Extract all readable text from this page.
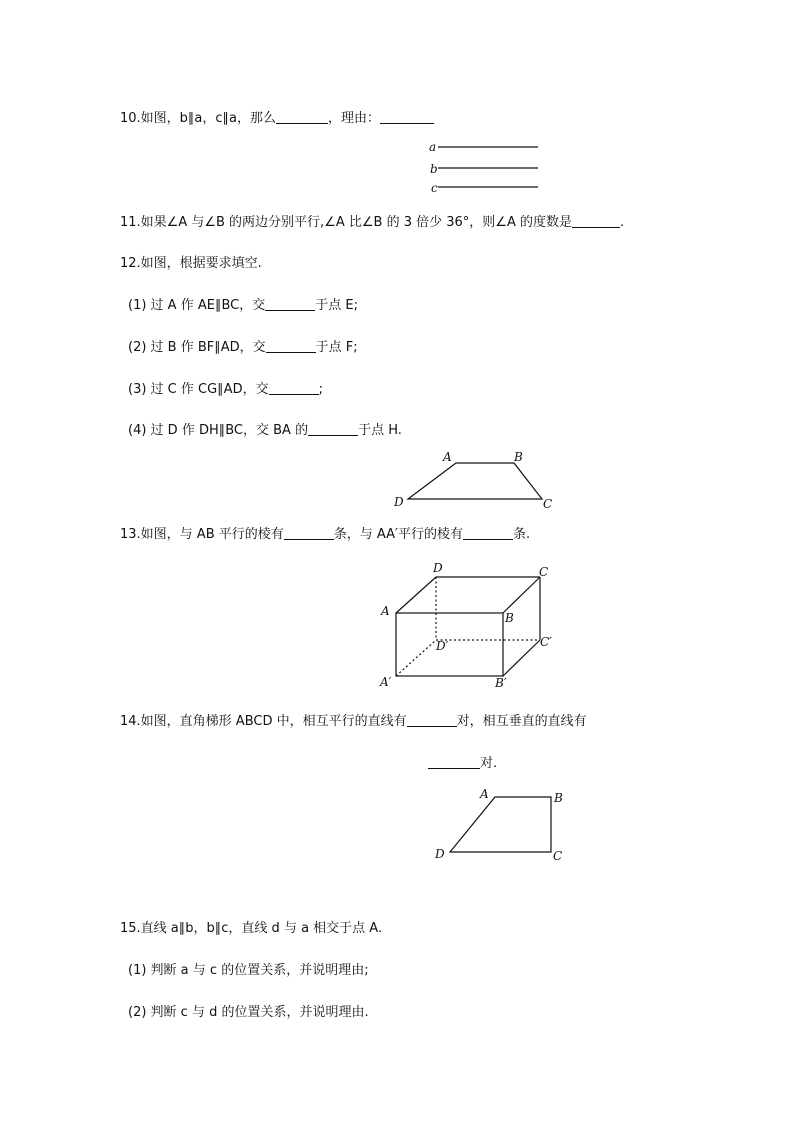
10.如图，b∥a，c∥a，那么	，理由：
a
b
c
11.如果∠A 与∠B 的两边分别平行,∠A 比∠B 的 3 倍少 36°，则∠A 的度数是	.
12.如图，根据要求填空.
(1) 过 A 作 AE∥BC，交	于点 E;
(2) 过 B 作 BF∥AD，交	于点 F;
(3) 过 C 作 CG∥AD，交	;
(4) 过 D 作 DH∥BC，交 BA 的	于点 H.
A	B
C
D
13.如图，与 AB 平行的棱有	条，与 AA′平行的棱有	条.
D	C
A	B
D′	C′
A′	B′
14.如图，直角梯形 ABCD 中，相互平行的直线有	对，相互垂直的直线有
对.
A	B
C
D
15.直线 a∥b，b∥c，直线 d 与 a 相交于点 A.
(1) 判断 a 与 c 的位置关系，并说明理由;
(2) 判断 c 与 d 的位置关系，并说明理由.
